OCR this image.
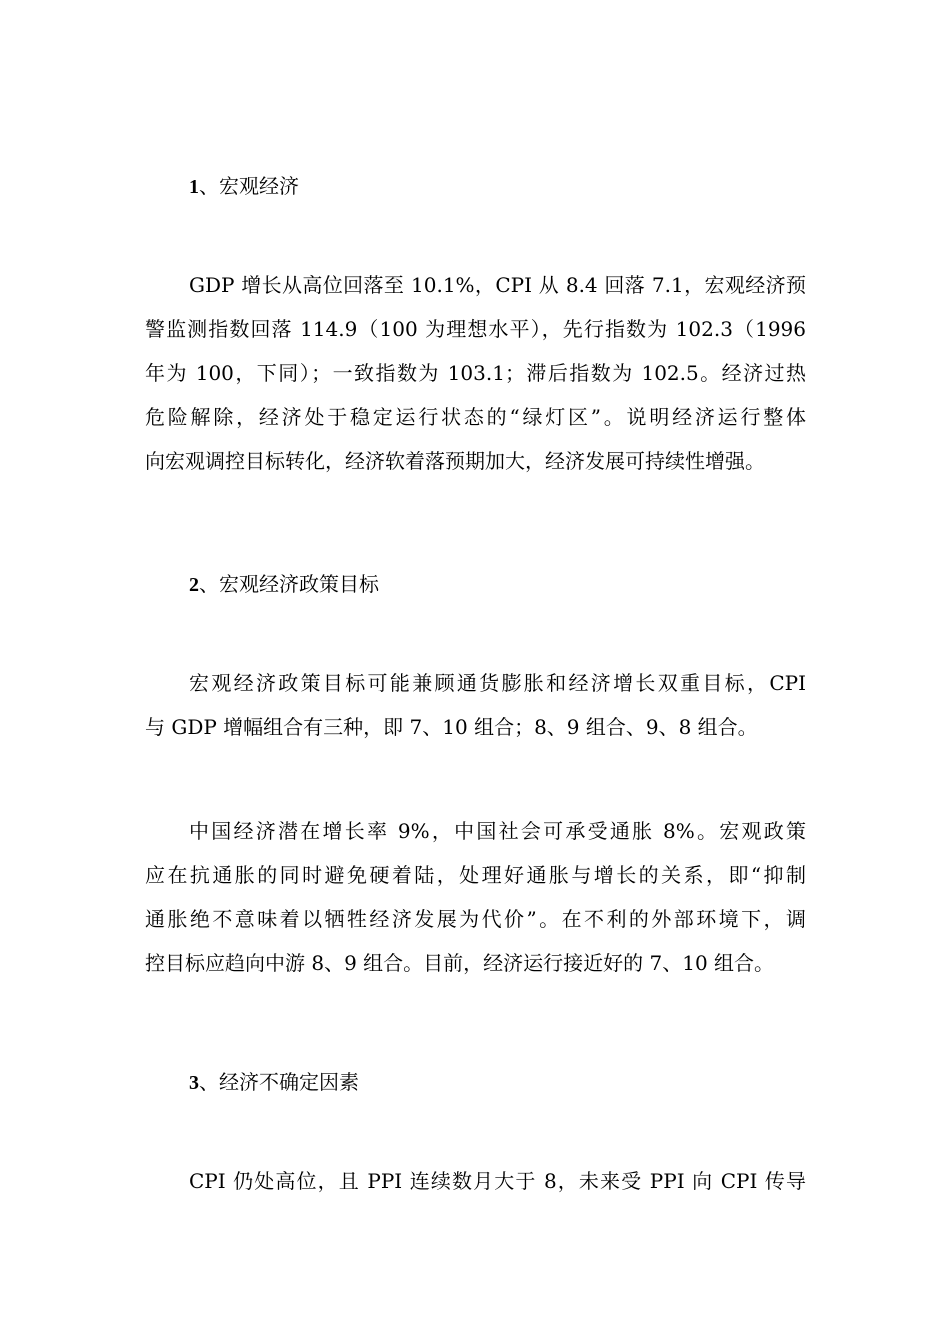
1、宏观经济
GDP 增长从高位回落至 10.1%，CPI 从 8.4 回落 7.1，宏观经济预
警监测指数回落 114.9（100 为理想水平），先行指数为 102.3（1996
年为 100，下同）；一致指数为 103.1；滞后指数为 102.5。经济过热
危险解除，经济处于稳定运行状态的“绿灯区”。说明经济运行整体
向宏观调控目标转化，经济软着落预期加大，经济发展可持续性增强。
2、宏观经济政策目标
宏观经济政策目标可能兼顾通货膨胀和经济增长双重目标，CPI
与 GDP 增幅组合有三种，即 7、10 组合；8、9 组合、9、8 组合。
中国经济潜在增长率 9%，中国社会可承受通胀 8%。宏观政策
应在抗通胀的同时避免硬着陆，处理好通胀与增长的关系，即“抑制
通胀绝不意味着以牺牲经济发展为代价”。在不利的外部环境下，调
控目标应趋向中游 8、9 组合。目前，经济运行接近好的 7、10 组合。
3、经济不确定因素
CPI 仍处高位，且 PPI 连续数月大于 8，未来受 PPI 向 CPI 传导
